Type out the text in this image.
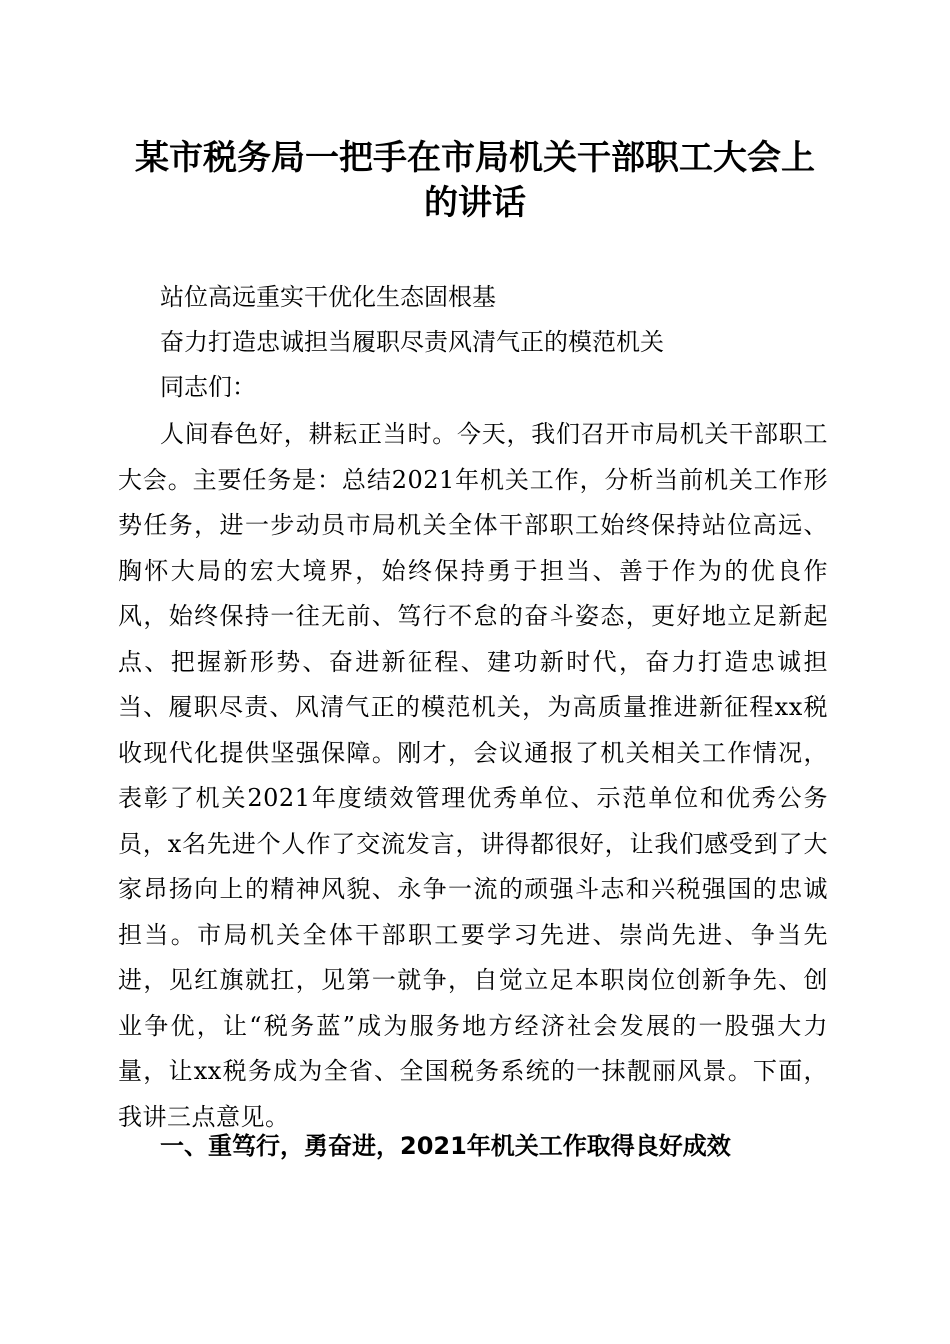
某市税务局一把手在市局机关干部职工大会上
的讲话

站位高远重实干优化生态固根基

奋力打造忠诚担当履职尽责风清气正的模范机关

同志们：

人间春色好，耕耘正当时。今天，我们召开市局机关干部职工大会。主要任务是：总结2021年机关工作，分析当前机关工作形势任务，进一步动员市局机关全体干部职工始终保持站位高远、胸怀大局的宏大境界，始终保持勇于担当、善于作为的优良作风，始终保持一往无前、笃行不怠的奋斗姿态，更好地立足新起点、把握新形势、奋进新征程、建功新时代，奋力打造忠诚担当、履职尽责、风清气正的模范机关，为高质量推进新征程xx税收现代化提供坚强保障。刚才，会议通报了机关相关工作情况，表彰了机关2021年度绩效管理优秀单位、示范单位和优秀公务员，x名先进个人作了交流发言，讲得都很好，让我们感受到了大家昂扬向上的精神风貌、永争一流的顽强斗志和兴税强国的忠诚担当。市局机关全体干部职工要学习先进、崇尚先进、争当先进，见红旗就扛，见第一就争，自觉立足本职岗位创新争先、创业争优，让“税务蓝”成为服务地方经济社会发展的一股强大力量，让xx税务成为全省、全国税务系统的一抹靓丽风景。下面，我讲三点意见。

一、重笃行，勇奋进，2021年机关工作取得良好成效
